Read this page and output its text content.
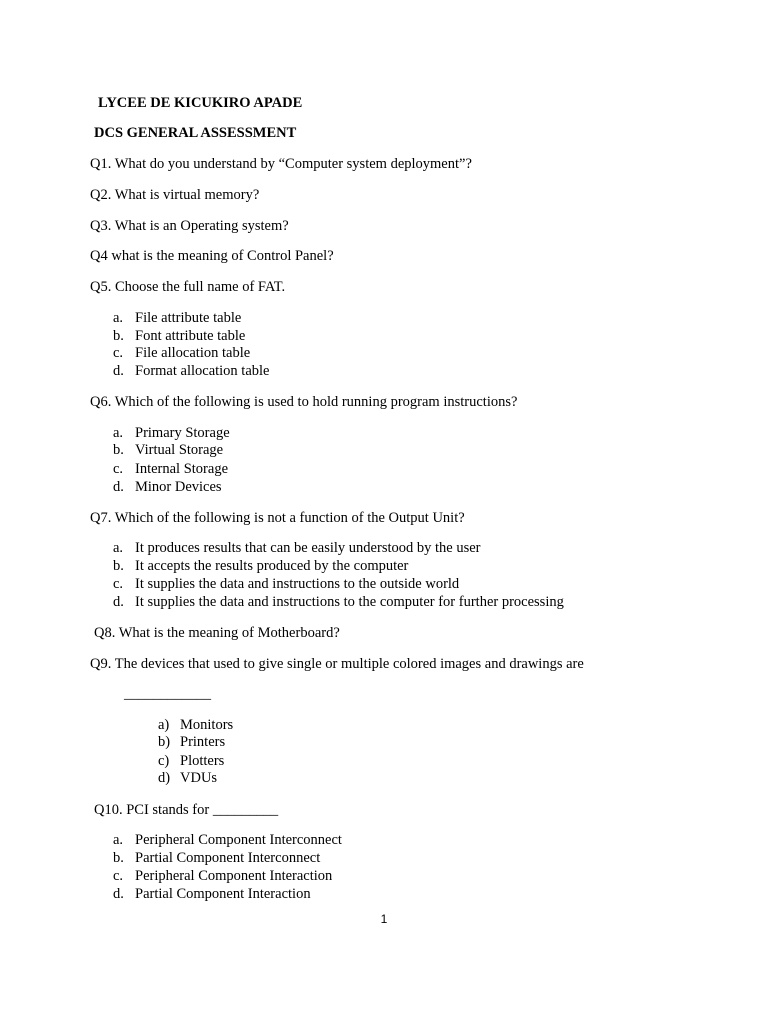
LYCEE DE KICUKIRO APADE
DCS GENERAL ASSESSMENT
Q1. What do you understand by “Computer system deployment”?
Q2. What is virtual memory?
Q3. What is an Operating system?
Q4 what is the meaning of Control Panel?
Q5. Choose the full name of FAT.
a. File attribute table
b. Font attribute table
c. File allocation table
d. Format allocation table
Q6. Which of the following is used to hold running program instructions?
a. Primary Storage
b. Virtual Storage
c. Internal Storage
d. Minor Devices
Q7. Which of the following is not a function of the Output Unit?
a. It produces results that can be easily understood by the user
b. It accepts the results produced by the computer
c. It supplies the data and instructions to the outside world
d. It supplies the data and instructions to the computer for further processing
Q8. What is the meaning of Motherboard?
Q9. The devices that used to give single or multiple colored images and drawings are
____________
a) Monitors
b) Printers
c) Plotters
d) VDUs
Q10. PCI stands for _________
a. Peripheral Component Interconnect
b. Partial Component Interconnect
c. Peripheral Component Interaction
d. Partial Component Interaction
1
